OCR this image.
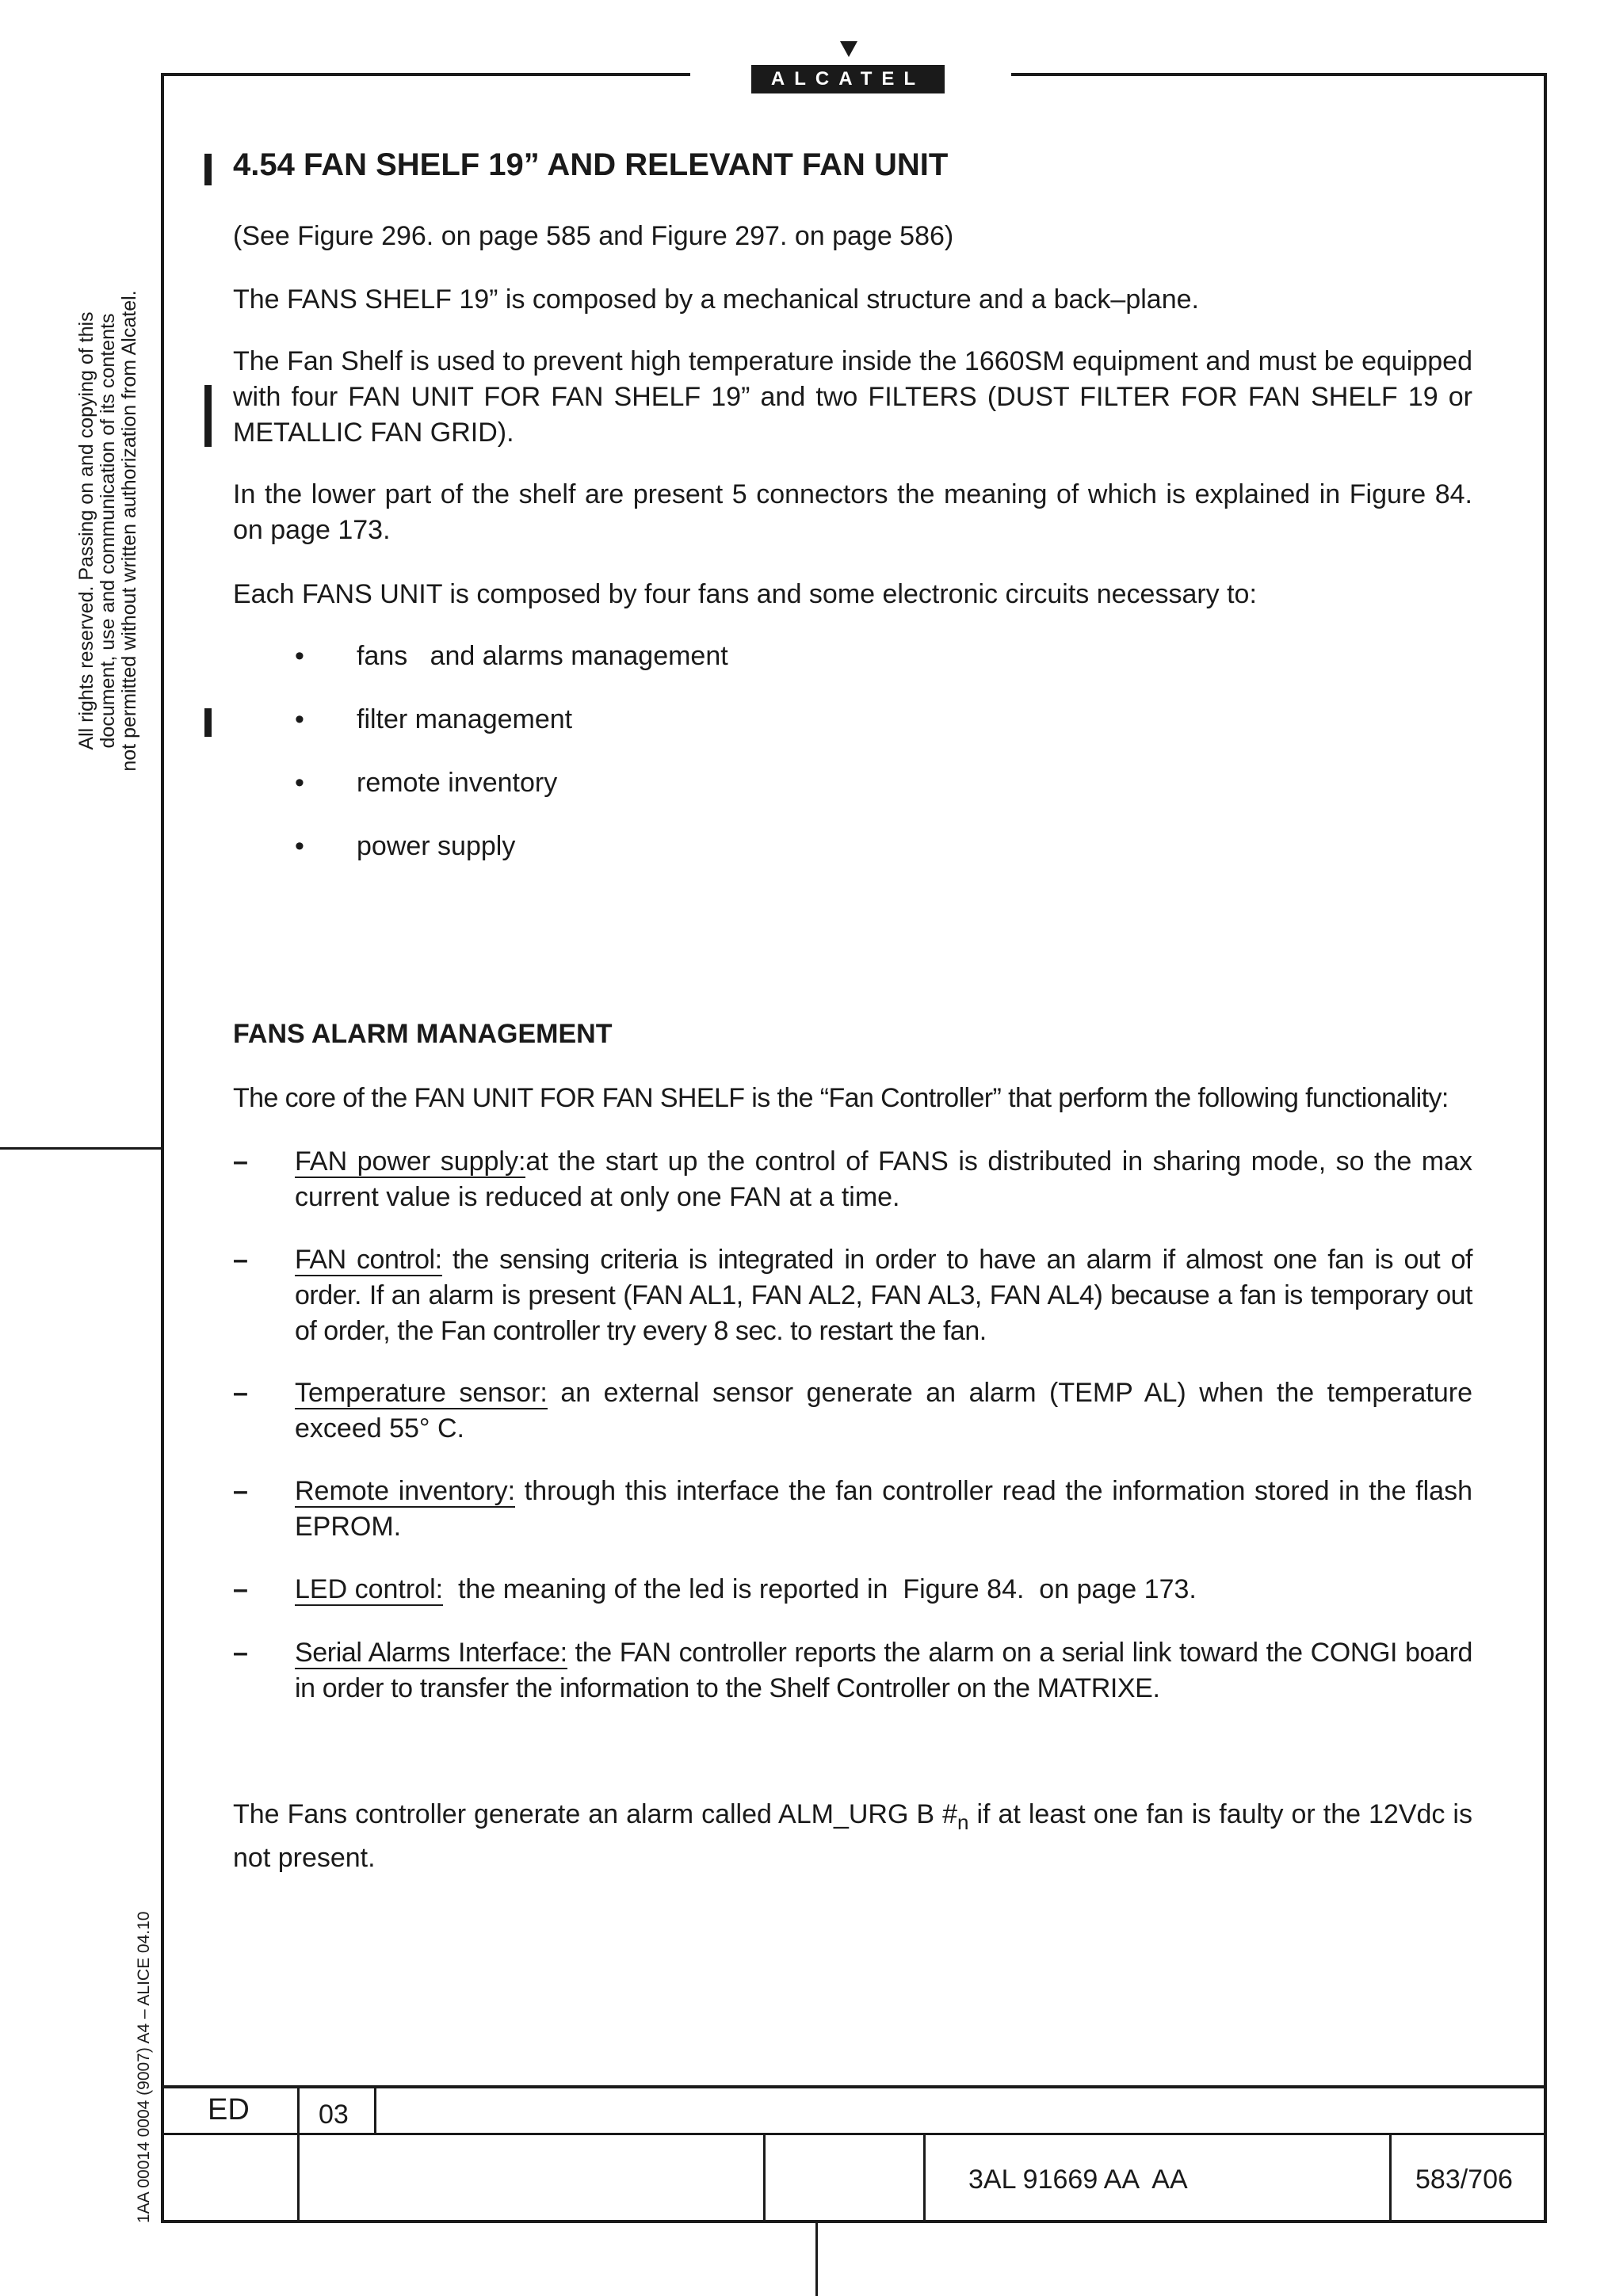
ALCATEL
All rights reserved. Passing on and copying of this document, use and communication of its contents not permitted without written authorization from Alcatel.
1AA 00014 0004 (9007) A4 – ALICE 04.10
4.54 FAN SHELF 19” AND RELEVANT FAN UNIT
(See Figure 296. on page 585 and Figure 297. on page 586)
The FANS SHELF 19” is composed by a mechanical structure and a back–plane.
The Fan Shelf is used to prevent high temperature inside the 1660SM equipment and must be equipped with four FAN UNIT FOR FAN SHELF 19” and two FILTERS (DUST FILTER FOR FAN SHELF 19 or METALLIC FAN GRID).
In the lower part of the shelf are present 5 connectors the meaning of which is explained in Figure 84. on page 173.
Each FANS UNIT is composed by four fans and some electronic circuits necessary to:
• fans   and alarms management
• filter management
• remote inventory
• power supply
FANS ALARM MANAGEMENT
The core of the FAN UNIT FOR FAN SHELF is the “Fan Controller” that perform the following functionality:
– FAN power supply:at the start up the control of FANS is distributed in sharing mode, so the max current value is reduced at only one FAN at a time.
– FAN control: the sensing criteria is integrated in order to have an alarm if almost one fan is out of order. If an alarm is present (FAN AL1, FAN AL2, FAN AL3, FAN AL4) because a fan is temporary out of order, the Fan controller try every 8 sec. to restart the fan.
– Temperature sensor: an external sensor generate an alarm (TEMP AL) when the temperature exceed 55° C.
– Remote inventory: through this interface the fan controller read the information stored in the flash EPROM.
– LED control:  the meaning of the led is reported in  Figure 84.  on page 173.
– Serial Alarms Interface: the FAN controller reports the alarm on a serial link toward the CONGI board in order to transfer the information to the Shelf Controller on the MATRIXE.
The Fans controller generate an alarm called ALM_URG B $\#_n$ if at least one fan is faulty or the 12Vdc is not present.
ED	03
3AL 91669 AA  AA	583/706
